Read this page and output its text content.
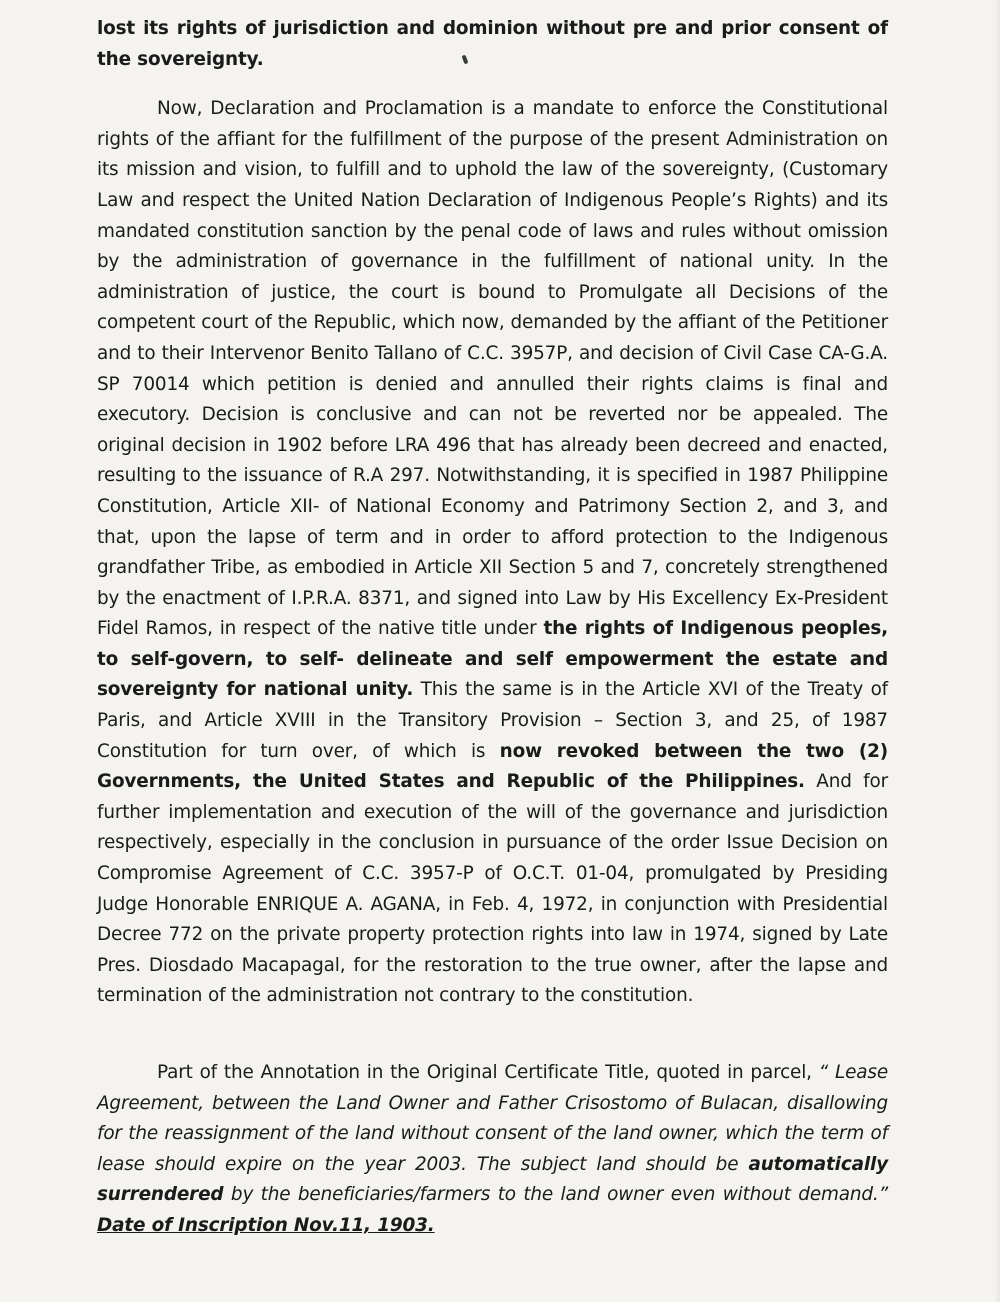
lost its rights of jurisdiction and dominion without pre and prior consent of the sovereignty.

Now, Declaration and Proclamation is a mandate to enforce the Constitutional rights of the affiant for the fulfillment of the purpose of the present Administration on its mission and vision, to fulfill and to uphold the law of the sovereignty, (Customary Law and respect the United Nation Declaration of Indigenous People’s Rights) and its mandated constitution sanction by the penal code of laws and rules without omission by the administration of governance in the fulfillment of national unity. In the administration of justice, the court is bound to Promulgate all Decisions of the competent court of the Republic, which now, demanded by the affiant of the Petitioner and to their Intervenor Benito Tallano of C.C. 3957P, and decision of Civil Case CA-G.A. SP 70014 which petition is denied and annulled their rights claims is final and executory. Decision is conclusive and can not be reverted nor be appealed. The original decision in 1902 before LRA 496 that has already been decreed and enacted, resulting to the issuance of R.A 297. Notwithstanding, it is specified in 1987 Philippine Constitution, Article XII- of National Economy and Patrimony Section 2, and 3, and that, upon the lapse of term and in order to afford protection to the Indigenous grandfather Tribe, as embodied in Article XII Section 5 and 7, concretely strengthened by the enactment of I.P.R.A. 8371, and signed into Law by His Excellency Ex-President Fidel Ramos, in respect of the native title under the rights of Indigenous peoples, to self-govern, to self- delineate and self empowerment the estate and sovereignty for national unity. This the same is in the Article XVI of the Treaty of Paris, and Article XVIII in the Transitory Provision – Section 3, and 25, of 1987 Constitution for turn over, of which is now revoked between the two (2) Governments, the United States and Republic of the Philippines. And for further implementation and execution of the will of the governance and jurisdiction respectively, especially in the conclusion in pursuance of the order Issue Decision on Compromise Agreement of C.C. 3957-P of O.C.T. 01-04, promulgated by Presiding Judge Honorable ENRIQUE A. AGANA, in Feb. 4, 1972, in conjunction with Presidential Decree 772 on the private property protection rights into law in 1974, signed by Late Pres. Diosdado Macapagal, for the restoration to the true owner, after the lapse and termination of the administration not contrary to the constitution.

Part of the Annotation in the Original Certificate Title, quoted in parcel, “ Lease Agreement, between the Land Owner and Father Crisostomo of Bulacan, disallowing for the reassignment of the land without consent of the land owner, which the term of lease should expire on the year 2003. The subject land should be automatically surrendered by the beneficiaries/farmers to the land owner even without demand.” Date of Inscription Nov.11, 1903.
